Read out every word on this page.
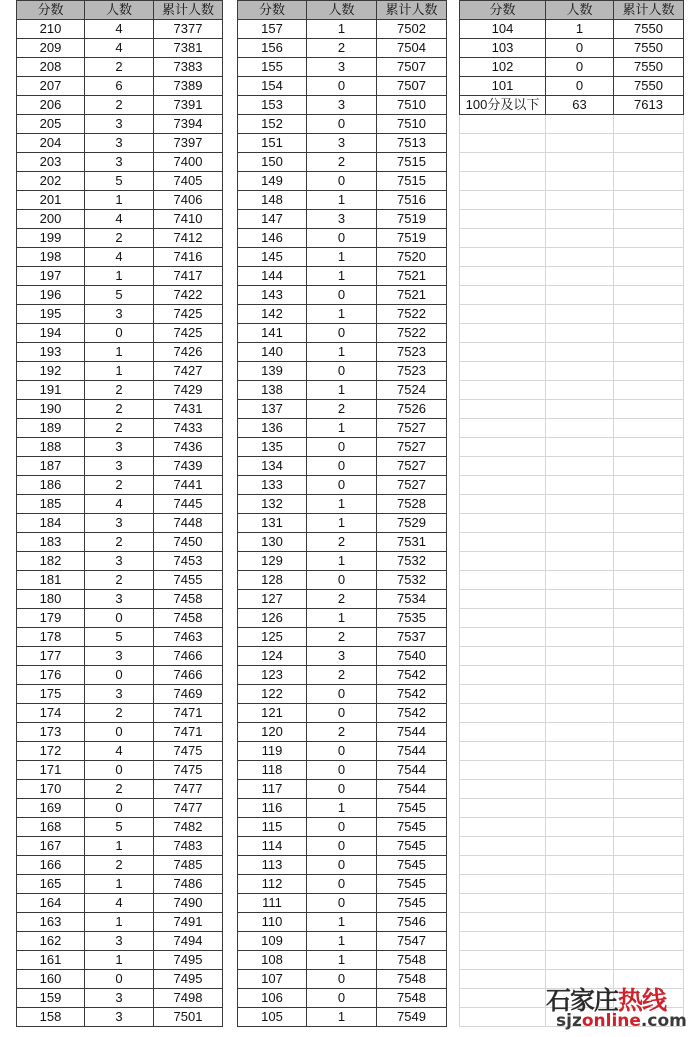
分数	人数	累计人数
210	4	7377
209	4	7381
208	2	7383
207	6	7389
206	2	7391
205	3	7394
204	3	7397
203	3	7400
202	5	7405
201	1	7406
200	4	7410
199	2	7412
198	4	7416
197	1	7417
196	5	7422
195	3	7425
194	0	7425
193	1	7426
192	1	7427
191	2	7429
190	2	7431
189	2	7433
188	3	7436
187	3	7439
186	2	7441
185	4	7445
184	3	7448
183	2	7450
182	3	7453
181	2	7455
180	3	7458
179	0	7458
178	5	7463
177	3	7466
176	0	7466
175	3	7469
174	2	7471
173	0	7471
172	4	7475
171	0	7475
170	2	7477
169	0	7477
168	5	7482
167	1	7483
166	2	7485
165	1	7486
164	4	7490
163	1	7491
162	3	7494
161	1	7495
160	0	7495
159	3	7498
158	3	7501
分数	人数	累计人数
157	1	7502
156	2	7504
155	3	7507
154	0	7507
153	3	7510
152	0	7510
151	3	7513
150	2	7515
149	0	7515
148	1	7516
147	3	7519
146	0	7519
145	1	7520
144	1	7521
143	0	7521
142	1	7522
141	0	7522
140	1	7523
139	0	7523
138	1	7524
137	2	7526
136	1	7527
135	0	7527
134	0	7527
133	0	7527
132	1	7528
131	1	7529
130	2	7531
129	1	7532
128	0	7532
127	2	7534
126	1	7535
125	2	7537
124	3	7540
123	2	7542
122	0	7542
121	0	7542
120	2	7544
119	0	7544
118	0	7544
117	0	7544
116	1	7545
115	0	7545
114	0	7545
113	0	7545
112	0	7545
111	0	7545
110	1	7546
109	1	7547
108	1	7548
107	0	7548
106	0	7548
105	1	7549
分数	人数	累计人数
104	1	7550
103	0	7550
102	0	7550
101	0	7550
100分及以下	63	7613

石家庄热线
sjzonline.com
